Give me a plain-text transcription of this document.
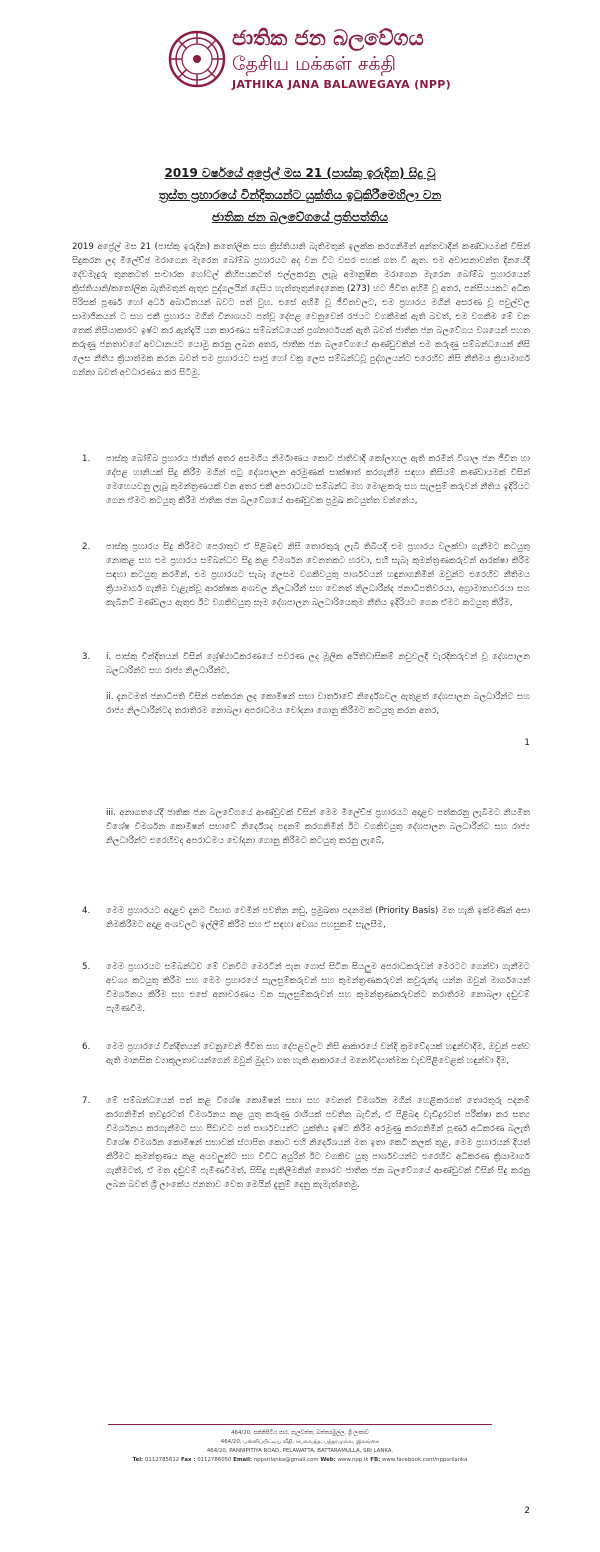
ජාතික ජන බලවේගය
தேசிய மக்கள் சக்தி
JATHIKA JANA BALAWEGAYA (NPP)
2019 වර්ෂයේ අප්‍රේල් මස 21 (පාස්කු ඉරුදින) සිදු වූ
ත්‍රස්ත ප්‍රහාරයේ වින්දිතයන්ට යුක්තිය ඉටුකිරීමෙහිලා වන
ජාතික ජන බලවේගයේ ප්‍රතිපත්තිය
2019 අප්‍රේල් මස 21 (පාස්කු ඉරුදින) කතෝලික සහ ක්‍රිස්තියානි බැතිමතුන් ඉලක්ක කරගනිමින් අන්තවාදීන් කණ්ඩායමක් විසින් සිදුකරන ලද මිලේච්ඡ මරාගෙන මැරෙන බෝම්බ ප්‍රහාරයට අද වන විට වසර පහක් ගත වී ඇත. එම අවාසනාවන්ත දිනයේදී දේවමැදුරු තුනකටත් සංචාරක හෝටල් කිහිපයකටත් එල්ලකරනු ලැබූ අමානුෂික මරාගෙන මැරෙන බෝම්බ ප්‍රහාරයෙන් ක්‍රිස්තියානි/කතෝලික බැතිමතුන් ඇතුළු පුද්ගලයින් දෙසිය හැත්තෑතුන්දෙනෙකු (273) හට ජීවිත අහිමි වූ අතර, පන්සියයකට අධික පිරිසක් පූර්ණ හෝ අර්ධ අබාධිතයන් බවට පත් වුහ. එසේ අහිමි වූ ජීවිතවලට, එම ප්‍රහාරය මගින් අසරණ වූ පවුල්වල සාමාජිකයන් ට සහ එකී ප්‍රහාරය මගින් විනාශයට පත්වූ දේපළ වෙනුවෙන් රජයට වගකීමක් ඇති බවත්, එම වගකීම මේ වන තෙක් නිසියාකාරව ඉෂ්ට කර ඇත්දැයි යන කාරණය සම්බන්ධයෙන් ප්‍රශ්නාර්ථයක් ඇති බවත් ජාතික ජන බලවේගය වශයෙන් පහත කරුණු ජනතාවගේ අවධානයට යොමු කරනු ලබන අතර, ජාතික ජන බලවේගයේ ආණ්ඩුවකින් එම කරුණු සම්බන්ධයෙන් නිසි ලෙස නීතිය ක්‍රියාත්මක කරන බවත් එම ප්‍රහාරයට සෘජු හෝ වක්‍ර ලෙස සම්බන්ධවූ පුද්ගලයන්ට එරෙහිව නිසි නීතිමය ක්‍රියාමාර්ග ගන්නා බවත් අවධාරණය කර සිටිමු.
1. පාස්කු බෝම්බ ප්‍රහාරය ජාතීන් අතර අසමගිය නිර්මාණය කොට ජාතිවාදී කෝලාහල ඇති කරමින් විශාල ජන ජීවිත හා දේපළ හානියක් සිදු කිරීම මගින් පටු දේශපාලන අරමුණක් සාක්ෂාත් කරගැනීම සඳහා කිසියම් කණ්ඩායමක් විසින් මෙහෙයවනු ලැබූ කුමන්ත්‍රණයක් වන අතර එකී අපරාධයට සම්බන්ධ මහ මොළකරු සහ සැලසුම් කරුවන් නීතිය ඉදිරියට ගෙන ඒමට කටයුතු කිරීම ජාතික ජන බලවේගයේ ආණ්ඩුවක ප්‍රමුඛ කටයුත්ත වන්නේය,
2. පාස්කු ප්‍රහාරය සිදු කිරීමට පෙරාතුව ඒ පිළිබඳව නිසි තොරතුරු ලැබී තිබියදී එම ප්‍රහාරය වලක්වා ගැනීමට කටයුතු නොකළ සහ එම ප්‍රහාරය සම්බන්ධව සිදු කළ විමර්ශන වෙනතකට හරවා, එහි සැබෑ කුමන්ත්‍රණකරුවන් ආරක්ෂා කිරීම සඳහා කටයුතු කරමින්, එම ප්‍රහාරයට සැබෑ ලෙසම වගකිවයුතු පාර්ශවයන් හඳුනාගනිමින් ඔවුන්ට එරෙහිව නීතිමය ක්‍රියාමාර්ග ගැනීම වැළැක්වූ ආරක්ෂක අංශවල නිලධාරීන් සහ වෙනත් නිලධාරීන්ද ජනාධිපතිවරයා, අග්‍රාමාත්‍යවරයා සහ කැබිනට් මණ්ඩලය ඇතුළු ඊට වගකිවයුතු සෑම දේශපාලන බලධාරියෙකුම නීතිය ඉදිරියට ගෙන ඒමට කටයුතු කිරීම,
3. i. පාස්කු වින්දිතයන් විසින් ශ්‍රේෂ්ඨාධිකරණයේ පවරණ ලද මූලික අයිතිවාසිකම් නඩුවලදී වැරදිකරුවන් වූ දේශපාලන බලධාරීන්ට සහ රාජ්‍ය නිලධාරීන්ට,
ii. දැනටමත් ජනාධිපති විසින් පත්කරන ලද කොමිෂන් සභා වාර්තාවේ නිර්දේශවල ඇතුළත් දේශපාලන බලධාරීන්ට සහ රාජ්‍ය නිලධාරීන්ටද තරාතිරම නොබලා අපරාධමය චෝදනා ගොනු කිරීමට කටයුතු කරන අතර,
1
iii. අනාගතයේදී ජාතික ජන බලවේගයේ ආණ්ඩුවක් විසින් මෙම මිලේච්ඡ ප්‍රහාරයට අදාළව පත්කරනු ලැබීමට නියමිත විශේෂ විමර්ශන කොමිෂන් සභාවේ නිර්දේශද පදනම් කරගනිමින් ඊට වගකිවයුතු දේශපාලන බලධාරීන්ට සහ රාජ්‍ය නිලධාරීන්ට එරෙහිවද අපරාධමය චෝදනා ගොනු කිරීමට කටයුතු කරනු ලැබේ,
4. මෙම ප්‍රහාරයට අදාළව දැනට විභාග වෙමින් පවතින නඩු, ප්‍රමුඛතා පදනමක් (Priority Basis) මත හැකි ඉක්මණින් අසා නිමකිරීමට අදාළ අංශවලට ඉල්ලීම් කිරීම සහ ඒ සඳහා අවශ්‍ය පහසුකම් සැලසීම,
5. මෙම ප්‍රහාරයට සම්බන්ධව මේ වනවිට මෙරටින් පැන ගොස් සිටින සියලුම අපරාධකරුවන් මෙරටට ගෙන්වා ගැනීමට අවශ්‍ය කටයුතු කිරීම සහ මෙම ප්‍රහාරයේ සැලසුම්කරුවන් සහ කුමන්ත්‍රණකරුවන් කවුරුන්ද යන්න ඔවුන් මාර්ගයෙන් විමර්ශනය කිරීම සහ එසේ අනාවරණය වන සැලසුම්කරුවන් සහ කුමන්ත්‍රණකරුවන්ට තරාතිරම නොබලා දඬුවම් පැමිණවීම.
6. මෙම ප්‍රහාරයේ වින්දිතයන් වෙනුවෙන් ජීවිත සහ දේපළවලට නිසි ආකාරයේ වන්දි ක්‍රමවේදයක් හඳුන්වාදීම, ඔවුන් පත්ව ඇති මානසික ව්‍යාකූලතාවයන්ගෙන් ඔවුන් මුදවා ගත හැකි ආකාරයේ මනෝවිද්‍යාත්මක වැඩපිළිවෙළක් හඳුන්වා දීම,
7. මේ සම්බන්ධයෙන් පත් කළ විශේෂ කොමිෂන් සභා සහ වෙනත් විමර්ශන මගින් හෙළිකරගත් තොරතුරු පදනම් කරගනිමින් තවදුරටත් විමර්ශනය කළ යුතු කරුණු රාශියක් පවතින බැවින්, ඒ පිළිබඳ වැඩිදුරටත් පරීක්ෂා කර සත්‍ය විමර්ශනය කරගැනීමට සහ පීඩාවට පත් පාර්ශවයන්ට යුක්තිය ඉෂ්ට කිරීම අරමුණු කරගනිමින් පූර්ණ අධිකරණ බලැති විශේෂ විමර්ශන කොමිෂන් සභාවක් ස්ථාපිත කොට එහි නිර්දේශයන් මත ඉතා කෙටි කලක් තුළ, මෙම ප්‍රහාරයන් දියත් කිරීමට කුමන්ත්‍රණය කළ අයවලුන්ට සහ විවිධ අයුරින් ඊට වගකිව යුතු පාර්ශවයන්ට එරෙහිව අධිකරණ ක්‍රියාමාර්ග ගැනීමටත්, ඒ මත දඬුවම් පැමිණවීමත්, සිසිදු පැකිලීමකින් තොරව ජාතික ජන බලවේගයේ ආණ්ඩුවක් විසින් සිදු කරනු ලබන බවත් ශ්‍රී ලාංකේය ජනතාව වෙත මෙයින් දැනුම් දෙනු කැමැත්තෙමු.
2
464/20, පන්නිපිටිය පාර, පැලවත්ත, බත්තරමුල්ල, ශ්‍රී ලංකාව
464/20, பன்னிப்பிட்டிய வீதி, பெலவத்த, பத்தரமுல்ல, இலங்கை
464/20, PANNIPITIYA ROAD, PELAWATTA, BATTARAMULLA, SRI LANKA.
Tel: 0112785612 Fax : 0112786050 Email: nppsrilanka@gmail.com Web: www.npp.lk FB: www.facebook.com/nppsrilanka
